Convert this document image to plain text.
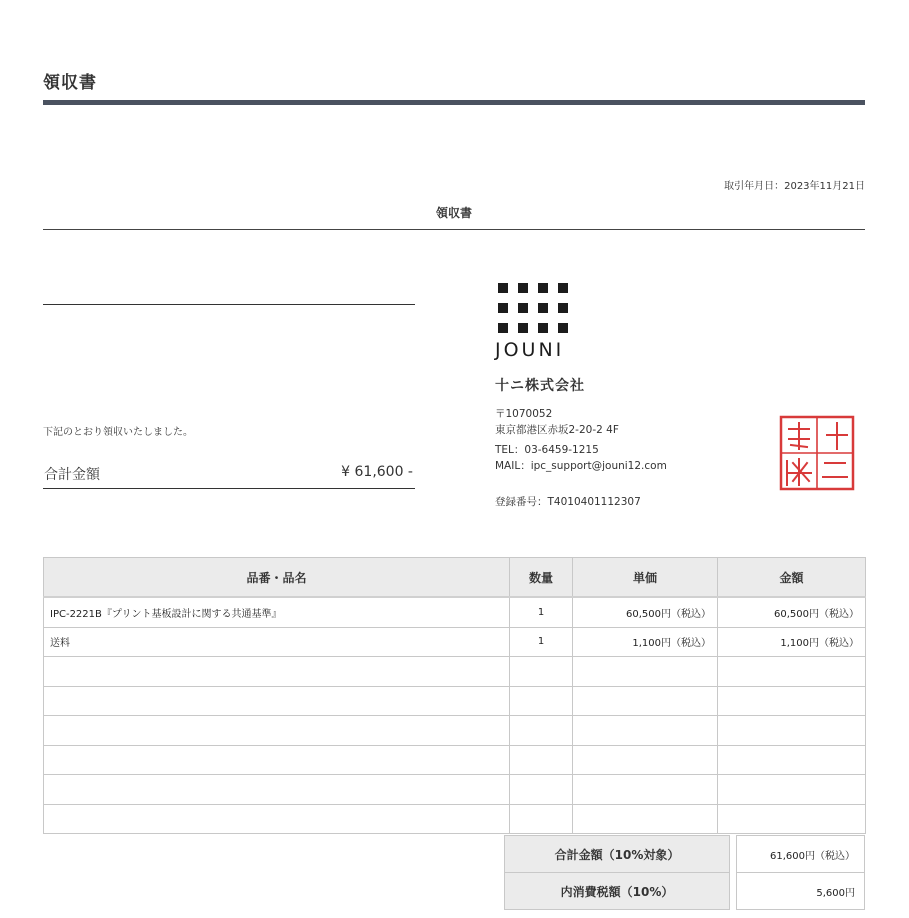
領収書
取引年月日：2023年11月21日
領収書
下記のとおり領収いたしました。
合計金額	¥ 61,600 -
JOUNI
十ニ株式会社
〒1070052
東京都港区赤坂2-20-2 4F
TEL：03-6459-1215
MAIL：ipc_support@jouni12.com
登録番号：T4010401112307
品番・品名	数量	単価	金額
IPC-2221B『プリント基板設計に関する共通基準』	1	60,500円（税込）	60,500円（税込）
送料	1	1,100円（税込）	1,100円（税込）

合計金額（10%対象）		61,600円（税込）
内消費税額（10%）		5,600円
